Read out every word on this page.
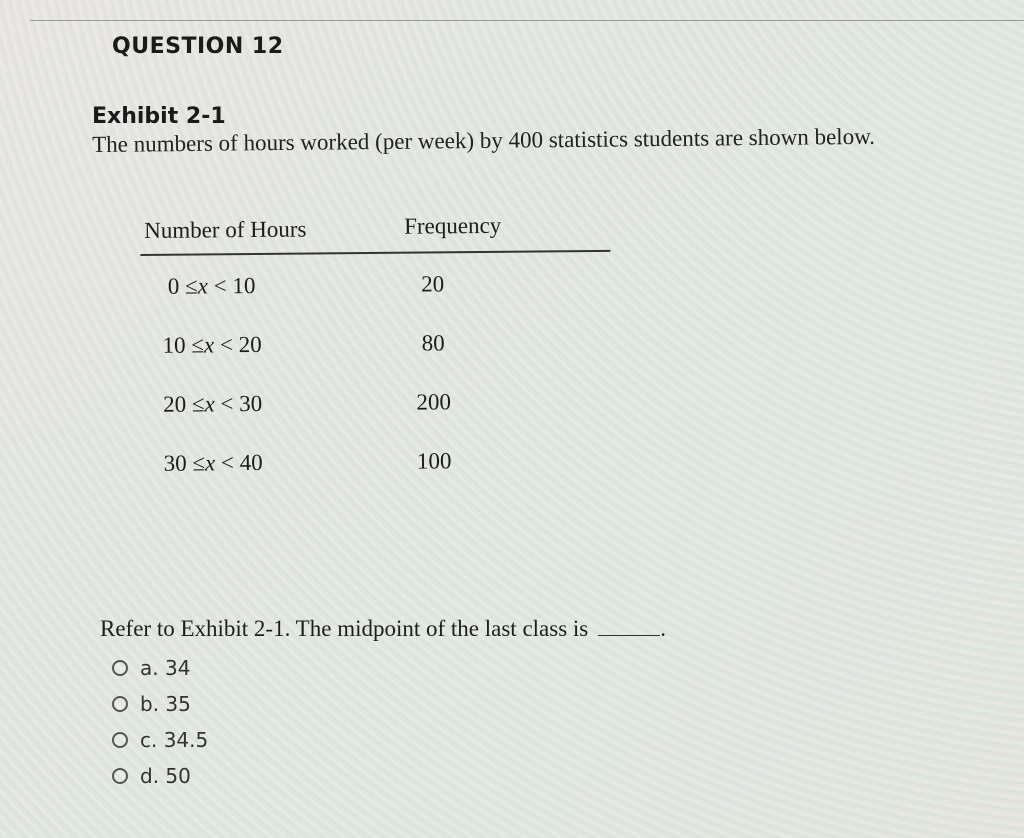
QUESTION 12
Exhibit 2-1
The numbers of hours worked (per week) by 400 statistics students are shown below.
Number of Hours	Frequency
0 ≤x < 10	20
10 ≤x < 20	80
20 ≤x < 30	200
30 ≤x < 40	100
Refer to Exhibit 2-1. The midpoint of the last class is	.
a. 34
b. 35
c. 34.5
d. 50
